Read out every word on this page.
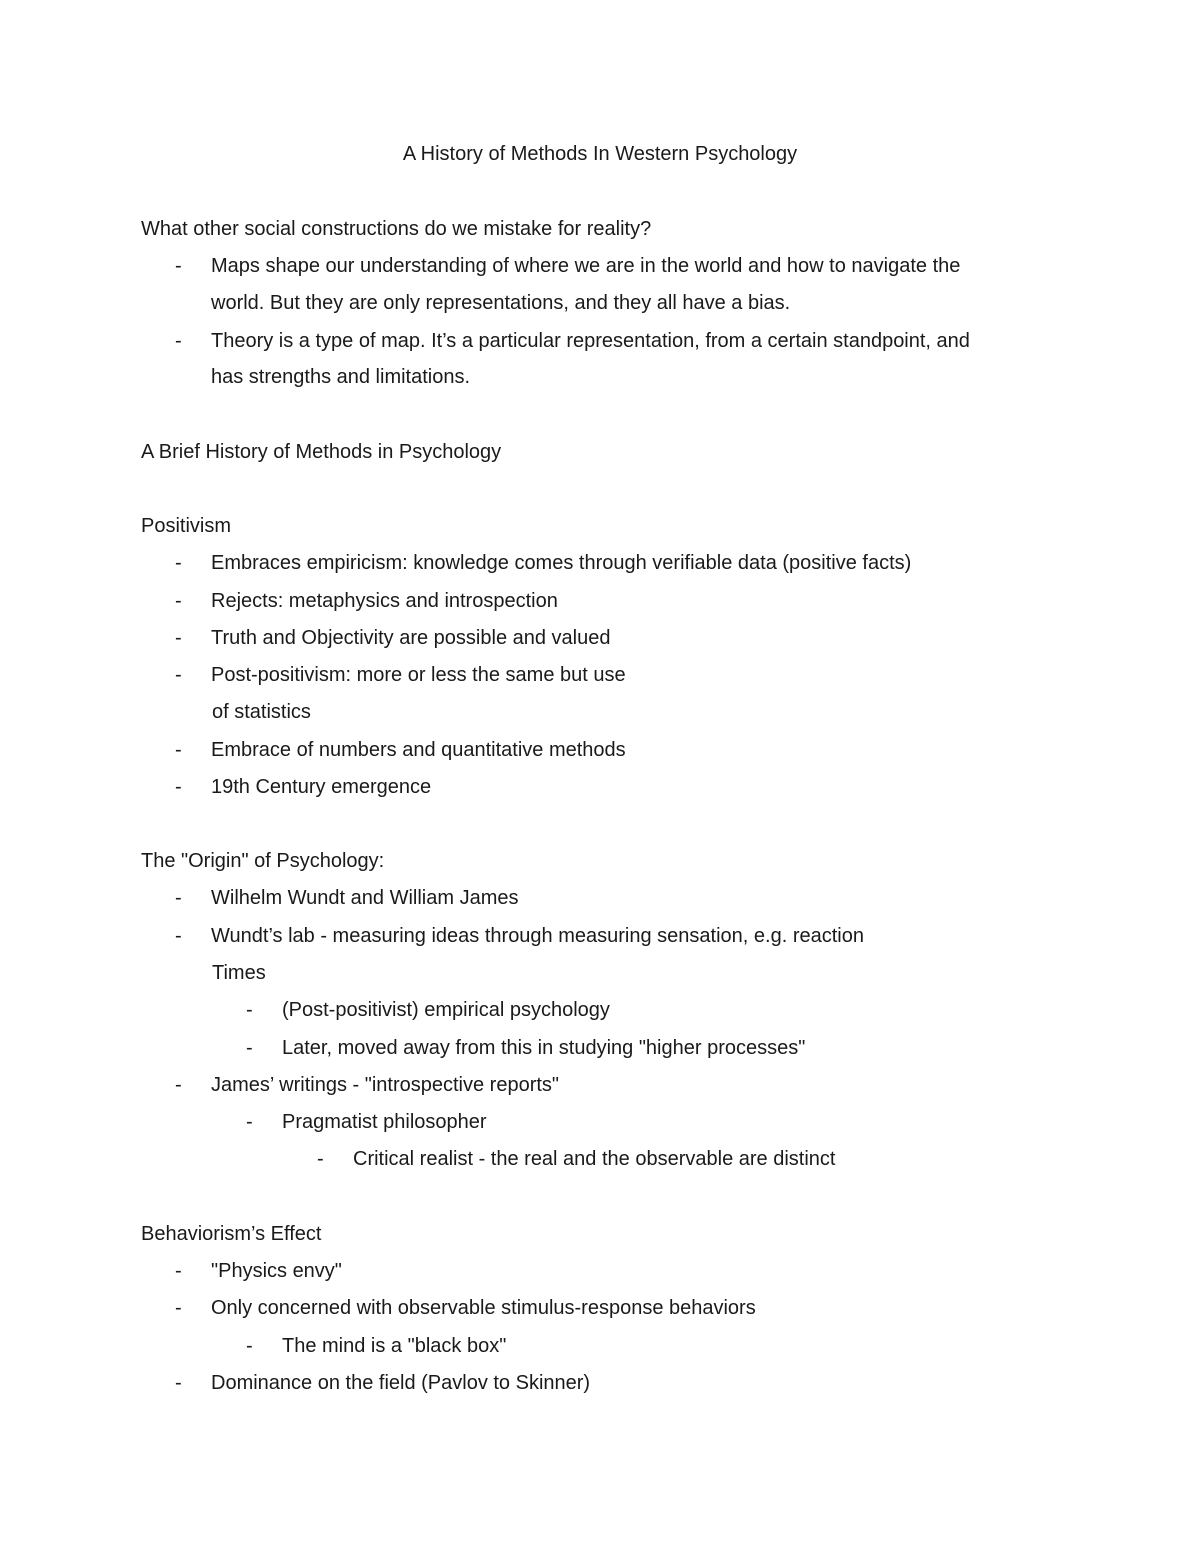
A History of Methods In Western Psychology
What other social constructions do we mistake for reality?
- Maps shape our understanding of where we are in the world and how to navigate the
world. But they are only representations, and they all have a bias.
- Theory is a type of map. It’s a particular representation, from a certain standpoint, and
has strengths and limitations.
A Brief History of Methods in Psychology
Positivism
- Embraces empiricism: knowledge comes through verifiable data (positive facts)
- Rejects: metaphysics and introspection
- Truth and Objectivity are possible and valued
- Post-positivism: more or less the same but use
of statistics
- Embrace of numbers and quantitative methods
- 19th Century emergence
The "Origin" of Psychology:
- Wilhelm Wundt and William James
- Wundt’s lab - measuring ideas through measuring sensation, e.g. reaction
Times
- (Post-positivist) empirical psychology
- Later, moved away from this in studying "higher processes"
- James’ writings - "introspective reports"
- Pragmatist philosopher
- Critical realist - the real and the observable are distinct
Behaviorism’s Effect
- "Physics envy"
- Only concerned with observable stimulus-response behaviors
- The mind is a "black box"
- Dominance on the field (Pavlov to Skinner)
